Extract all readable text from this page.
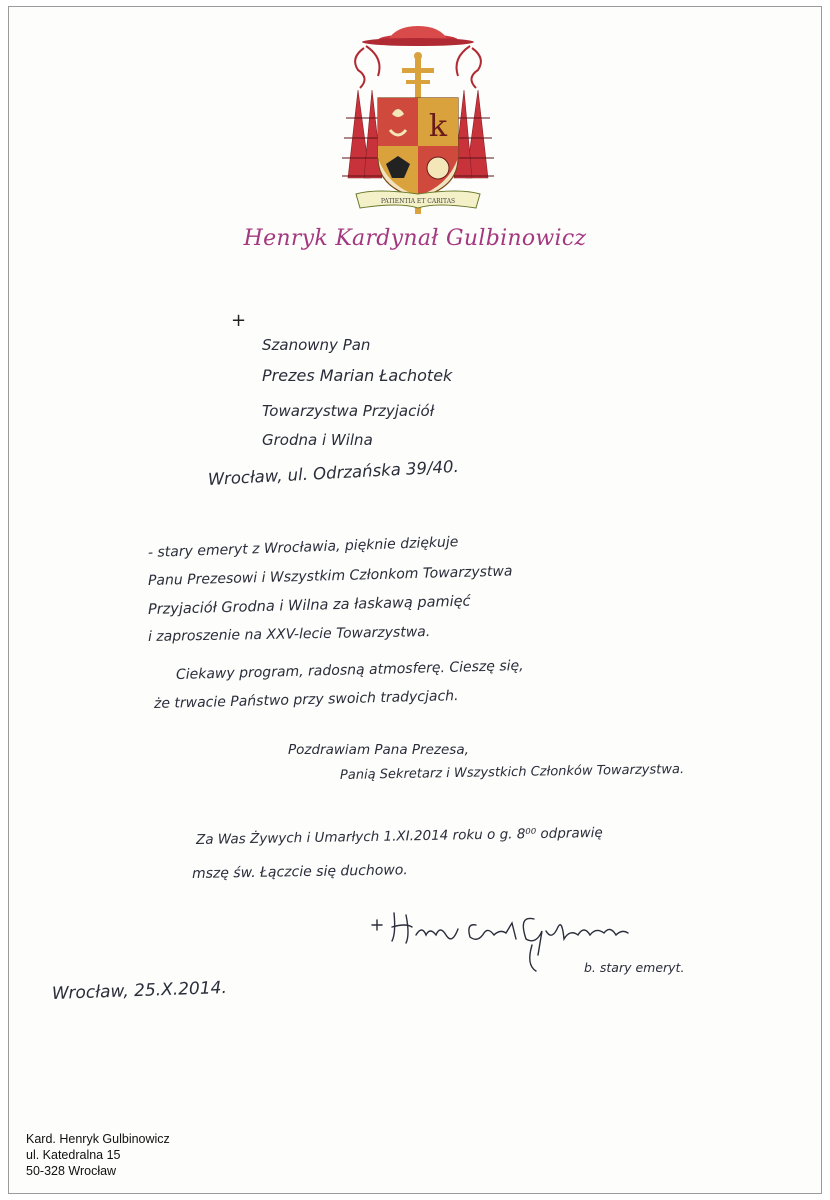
k
PATIENTIA ET CARITAS
Henryk Kardynał Gulbinowicz
+
Szanowny Pan
Prezes Marian Łachotek
Towarzystwa Przyjaciół
Grodna i Wilna
Wrocław, ul. Odrzańska 39/40.
- stary emeryt z Wrocławia, pięknie dziękuje
Panu Prezesowi i Wszystkim Członkom Towarzystwa
Przyjaciół Grodna i Wilna za łaskawą pamięć
i zaproszenie na XXV-lecie Towarzystwa.
Ciekawy program, radosną atmosferę. Cieszę się,
że trwacie Państwo przy swoich tradycjach.
Pozdrawiam Pana Prezesa,
Panią Sekretarz i Wszystkich Członków Towarzystwa.
Za Was Żywych i Umarłych 1.XI.2014 roku o g. 8⁰⁰ odprawię
mszę św. Łączcie się duchowo.
+ Henryk Card. Gulbinowicz
b. stary emeryt.
Wrocław, 25.X.2014.
Kard. Henryk Gulbinowicz
ul. Katedralna 15
50-328 Wrocław
